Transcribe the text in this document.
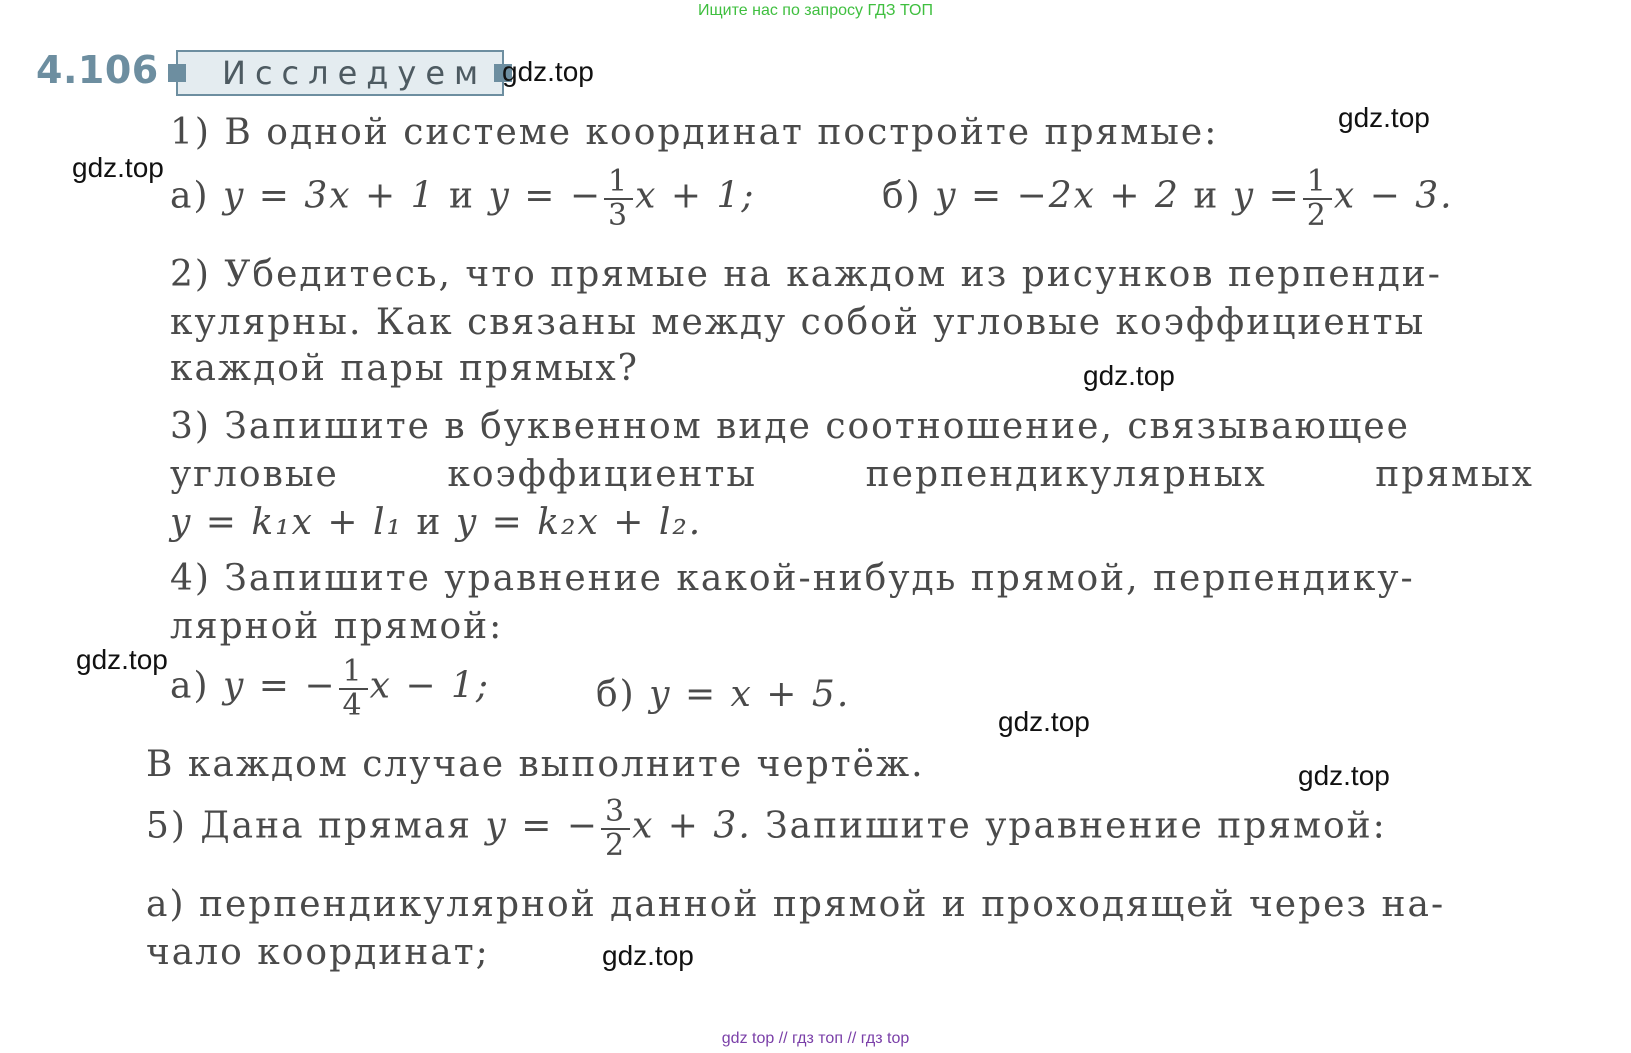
Ищите нас по запросу ГДЗ ТОП
4.106 Исследуем gdz.top
gdz.top
gdz.top
gdz.top
gdz.top
gdz.top
gdz.top
gdz.top
1) В одной системе координат постройте прямые:
а) y = 3x + 1 и y = − $\frac{1}{3}$ x + 1;	б) y = −2x + 2 и $y = \frac{1}{2}$ x − 3.
2) Убедитесь, что прямые на каждом из рисунков перпенди-
кулярны. Как связаны между собой угловые коэффициенты
каждой пары прямых?
3) Запишите в буквенном виде соотношение, связывающее
угловые	коэффициенты	перпендикулярных	прямых
y = k₁x + l₁ и y = k₂x + l₂.
4) Запишите уравнение какой-нибудь прямой, перпендику-
лярной прямой:
а) y = − $\frac{1}{4}$ x − 1;	б) y = x + 5.
В каждом случае выполните чертёж.
5) Дана прямая y = − $\frac{3}{2}$ x + 3. Запишите уравнение прямой:
а) перпендикулярной данной прямой и проходящей через на-
чало координат;
gdz top // гдз топ // гдз top
